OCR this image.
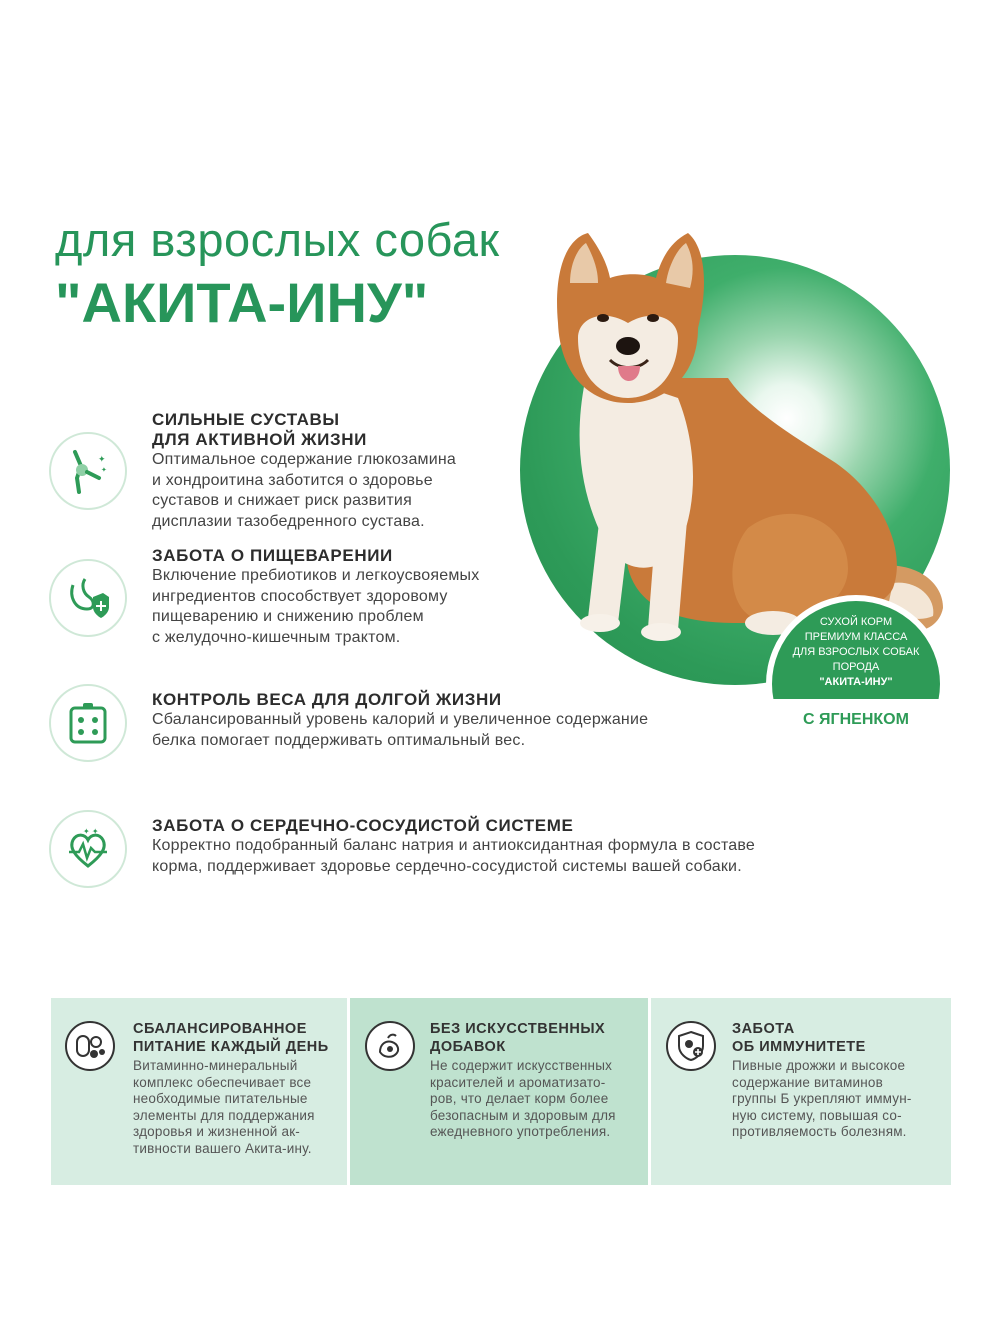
для взрослых собак
"АКИТА-ИНУ"
СУХОЙ КОРМ
ПРЕМИУМ КЛАССА
ДЛЯ ВЗРОСЛЫХ СОБАК
ПОРОДА
"АКИТА-ИНУ"
С ЯГНЕНКОМ
✦
✦
СИЛЬНЫЕ СУСТАВЫ
ДЛЯ АКТИВНОЙ ЖИЗНИ
Оптимальное содержание глюкозамина
и хондроитина заботится о здоровье
суставов и снижает риск развития
дисплазии тазобедренного сустава.
ЗАБОТА О ПИЩЕВАРЕНИИ
Включение пребиотиков и легкоусвояемых
ингредиентов способствует здоровому
пищеварению и снижению проблем
с желудочно-кишечным трактом.
КОНТРОЛЬ ВЕСА ДЛЯ ДОЛГОЙ ЖИЗНИ
Сбалансированный уровень калорий и увеличенное содержание
белка помогает поддерживать оптимальный вес.
✦ ✦	ЗАБОТА О СЕРДЕЧНО-СОСУДИСТОЙ СИСТЕМЕ
Корректно подобранный баланс натрия и антиоксидантная формула в составе
корма, поддерживает здоровье сердечно-сосудистой системы вашей собаки.
СБАЛАНСИРОВАННОЕ
ПИТАНИЕ КАЖДЫЙ ДЕНЬ
Витаминно-минеральный
комплекс обеспечивает все
необходимые питательные
элементы для поддержания
здоровья и жизненной ак-
тивности вашего Акита-ину.
БЕЗ ИСКУССТВЕННЫХ
ДОБАВОК
Не содержит искусственных
красителей и ароматизато-
ров, что делает корм более
безопасным и здоровым для
ежедневного употребления.
ЗАБОТА
ОБ ИММУНИТЕТЕ
Пивные дрожжи и высокое
содержание витаминов
группы Б укрепляют иммун-
ную систему, повышая со-
противляемость болезням.
